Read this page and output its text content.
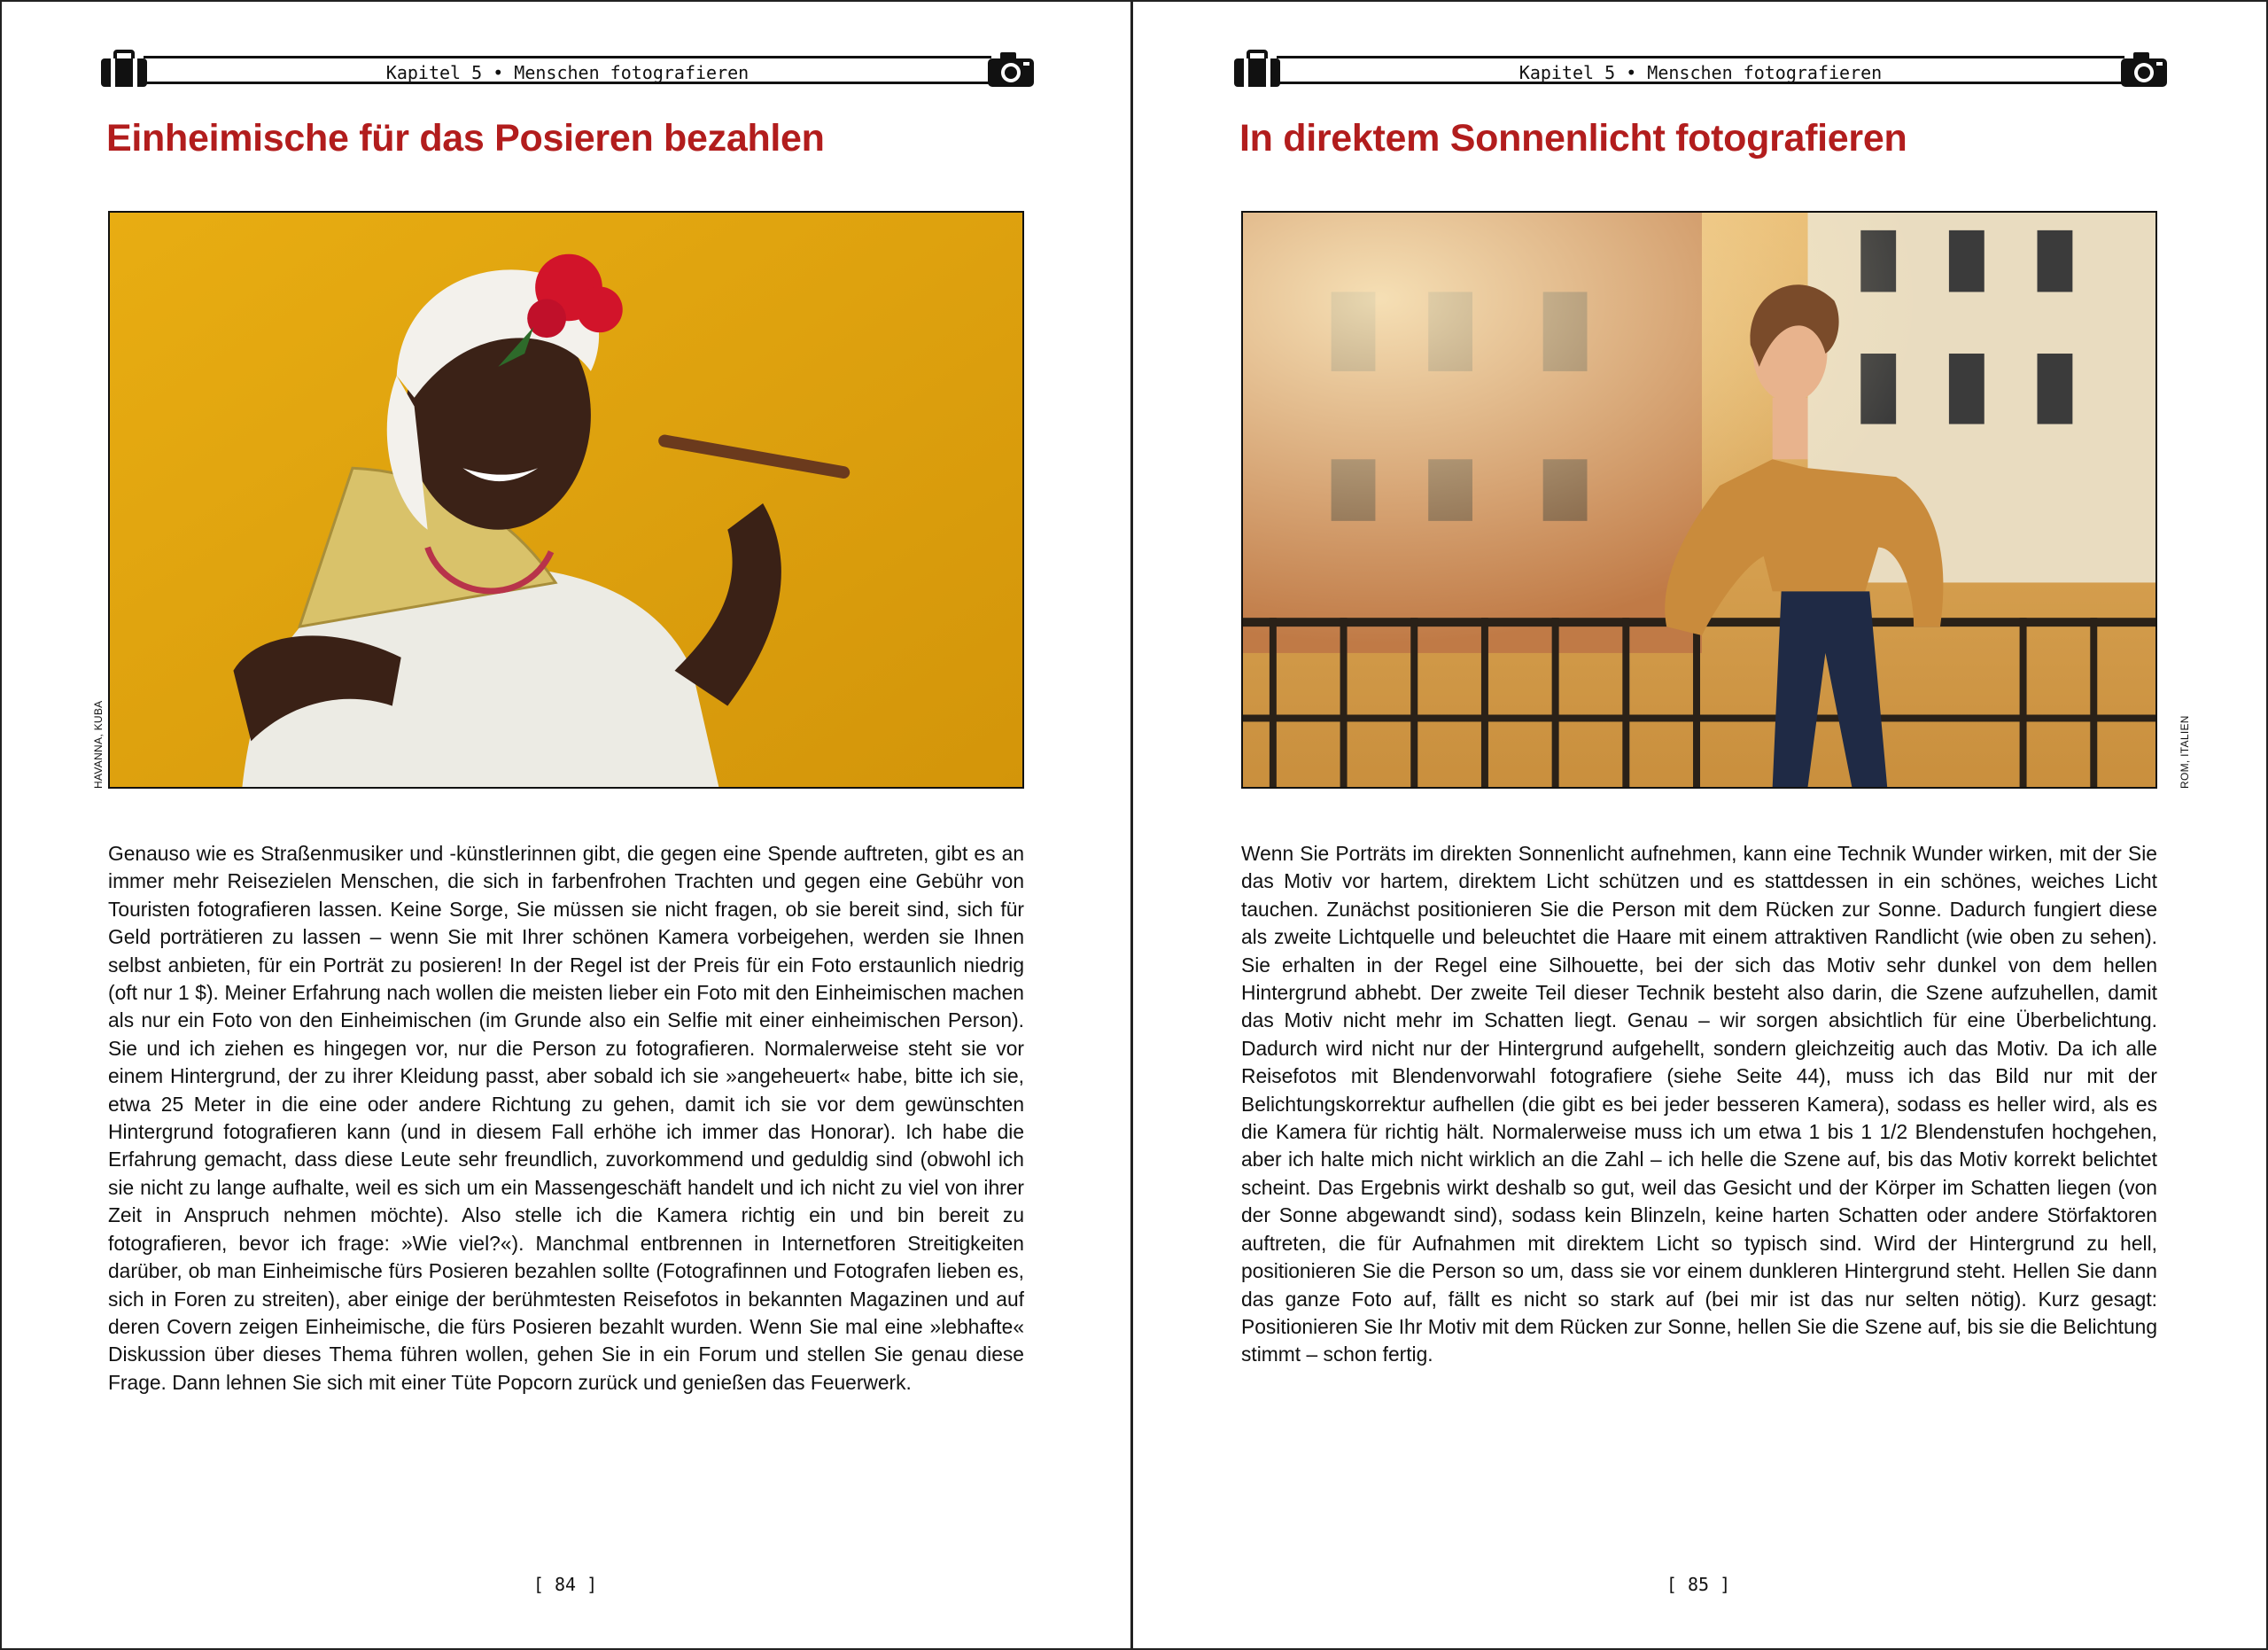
Kapitel 5 • Menschen fotografieren
Einheimische für das Posieren bezahlen
HAVANNA, KUBA

Genauso wie es Straßenmusiker und -künstlerinnen gibt, die gegen eine Spende auftreten, gibt es an immer mehr Reisezielen Menschen, die sich in farbenfrohen Trachten und gegen eine Gebühr von Touristen fotografieren lassen. Keine Sorge, Sie müssen sie nicht fragen, ob sie bereit sind, sich für Geld porträtieren zu lassen – wenn Sie mit Ihrer schönen Kamera vorbeigehen, werden sie Ihnen selbst anbieten, für ein Porträt zu posieren! In der Regel ist der Preis für ein Foto erstaunlich niedrig (oft nur 1 $). Meiner Erfahrung nach wollen die meisten lieber ein Foto mit den Einheimischen machen als nur ein Foto von den Einheimischen (im Grunde also ein Selfie mit einer einheimischen Person). Sie und ich ziehen es hingegen vor, nur die Person zu fotografieren. Normalerweise steht sie vor einem Hintergrund, der zu ihrer Kleidung passt, aber sobald ich sie »angeheuert« habe, bitte ich sie, etwa 25 Meter in die eine oder andere Richtung zu gehen, damit ich sie vor dem gewünschten Hintergrund fotografieren kann (und in diesem Fall erhöhe ich immer das Honorar). Ich habe die Erfahrung gemacht, dass diese Leute sehr freundlich, zuvorkommend und geduldig sind (obwohl ich sie nicht zu lange aufhalte, weil es sich um ein Massengeschäft handelt und ich nicht zu viel von ihrer Zeit in Anspruch nehmen möchte). Also stelle ich die Kamera richtig ein und bin bereit zu fotografieren, bevor ich frage: »Wie viel?«). Manchmal entbrennen in Internetforen Streitigkeiten darüber, ob man Einheimische fürs Posieren bezahlen sollte (Fotografinnen und Fotografen lieben es, sich in Foren zu streiten), aber einige der berühmtesten Reisefotos in bekannten Magazinen und auf deren Covern zeigen Einheimische, die fürs Posieren bezahlt wurden. Wenn Sie mal eine »lebhafte« Diskussion über dieses Thema führen wollen, gehen Sie in ein Forum und stellen Sie genau diese Frage. Dann lehnen Sie sich mit einer Tüte Popcorn zurück und genießen das Feuerwerk.

[ 84 ]
Kapitel 5 • Menschen fotografieren
In direktem Sonnenlicht fotografieren
ROM, ITALIEN

Wenn Sie Porträts im direkten Sonnenlicht aufnehmen, kann eine Technik Wunder wirken, mit der Sie das Motiv vor hartem, direktem Licht schützen und es stattdessen in ein schönes, weiches Licht tauchen. Zunächst positionieren Sie die Person mit dem Rücken zur Sonne. Dadurch fungiert diese als zweite Lichtquelle und beleuchtet die Haare mit einem attraktiven Randlicht (wie oben zu sehen). Sie erhalten in der Regel eine Silhouette, bei der sich das Motiv sehr dunkel von dem hellen Hintergrund abhebt. Der zweite Teil dieser Technik besteht also darin, die Szene aufzuhellen, damit das Motiv nicht mehr im Schatten liegt. Genau – wir sorgen absichtlich für eine Überbelichtung. Dadurch wird nicht nur der Hintergrund aufgehellt, sondern gleichzeitig auch das Motiv. Da ich alle Reisefotos mit Blendenvorwahl fotografiere (siehe Seite 44), muss ich das Bild nur mit der Belichtungskorrektur aufhellen (die gibt es bei jeder besseren Kamera), sodass es heller wird, als es die Kamera für richtig hält. Normalerweise muss ich um etwa 1 bis 1 1/2 Blendenstufen hochgehen, aber ich halte mich nicht wirklich an die Zahl – ich helle die Szene auf, bis das Motiv korrekt belichtet scheint. Das Ergebnis wirkt deshalb so gut, weil das Gesicht und der Körper im Schatten liegen (von der Sonne abgewandt sind), sodass kein Blinzeln, keine harten Schatten oder andere Störfaktoren auftreten, die für Aufnahmen mit direktem Licht so typisch sind. Wird der Hintergrund zu hell, positionieren Sie die Person so um, dass sie vor einem dunkleren Hintergrund steht. Hellen Sie dann das ganze Foto auf, fällt es nicht so stark auf (bei mir ist das nur selten nötig). Kurz gesagt: Positionieren Sie Ihr Motiv mit dem Rücken zur Sonne, hellen Sie die Szene auf, bis sie die Belichtung stimmt – schon fertig.

[ 85 ]
